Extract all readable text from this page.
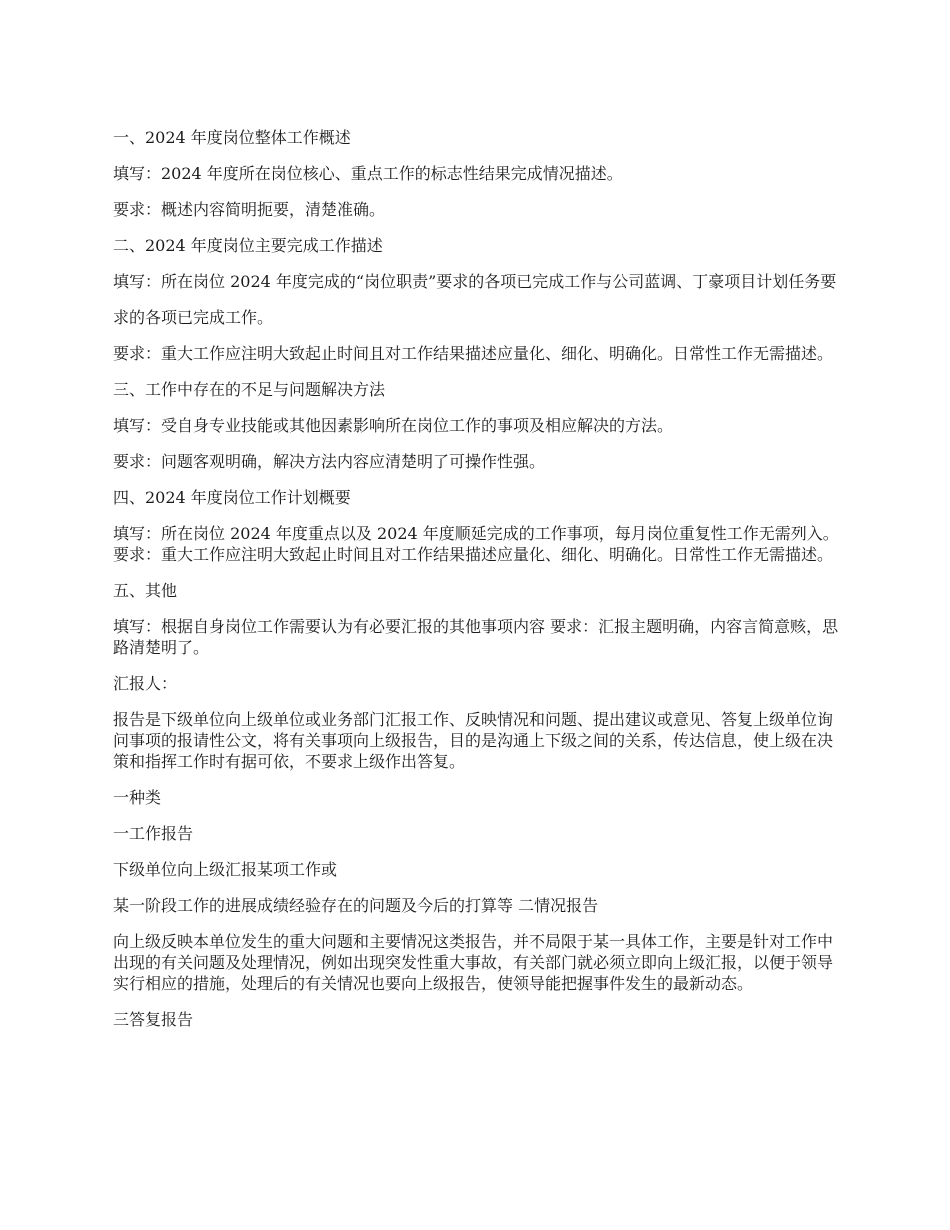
一、2024 年度岗位整体工作概述

填写：2024 年度所在岗位核心、重点工作的标志性结果完成情况描述。

要求：概述内容简明扼要，清楚准确。

二、2024 年度岗位主要完成工作描述

填写：所在岗位 2024 年度完成的“岗位职责”要求的各项已完成工作与公司蓝调、丁豪项目计划任务要

求的各项已完成工作。

要求：重大工作应注明大致起止时间且对工作结果描述应量化、细化、明确化。日常性工作无需描述。

三、工作中存在的不足与问题解决方法

填写：受自身专业技能或其他因素影响所在岗位工作的事项及相应解决的方法。

要求：问题客观明确，解决方法内容应清楚明了可操作性强。

四、2024 年度岗位工作计划概要

填写：所在岗位 2024 年度重点以及 2024 年度顺延完成的工作事项，每月岗位重复性工作无需列入。 要求：重大工作应注明大致起止时间且对工作结果描述应量化、细化、明确化。日常性工作无需描述。

五、其他

填写：根据自身岗位工作需要认为有必要汇报的其他事项内容 要求：汇报主题明确，内容言简意赅，思路清楚明了。

汇报人：

报告是下级单位向上级单位或业务部门汇报工作、反映情况和问题、提出建议或意见、答复上级单位询问事项的报请性公文，将有关事项向上级报告，目的是沟通上下级之间的关系，传达信息，使上级在决策和指挥工作时有据可依，不要求上级作出答复。

一种类

一工作报告

下级单位向上级汇报某项工作或

某一阶段工作的进展成绩经验存在的问题及今后的打算等 二情况报告

向上级反映本单位发生的重大问题和主要情况这类报告，并不局限于某一具体工作，主要是针对工作中出现的有关问题及处理情况，例如出现突发性重大事故，有关部门就必须立即向上级汇报，以便于领导实行相应的措施，处理后的有关情况也要向上级报告，使领导能把握事件发生的最新动态。

三答复报告
